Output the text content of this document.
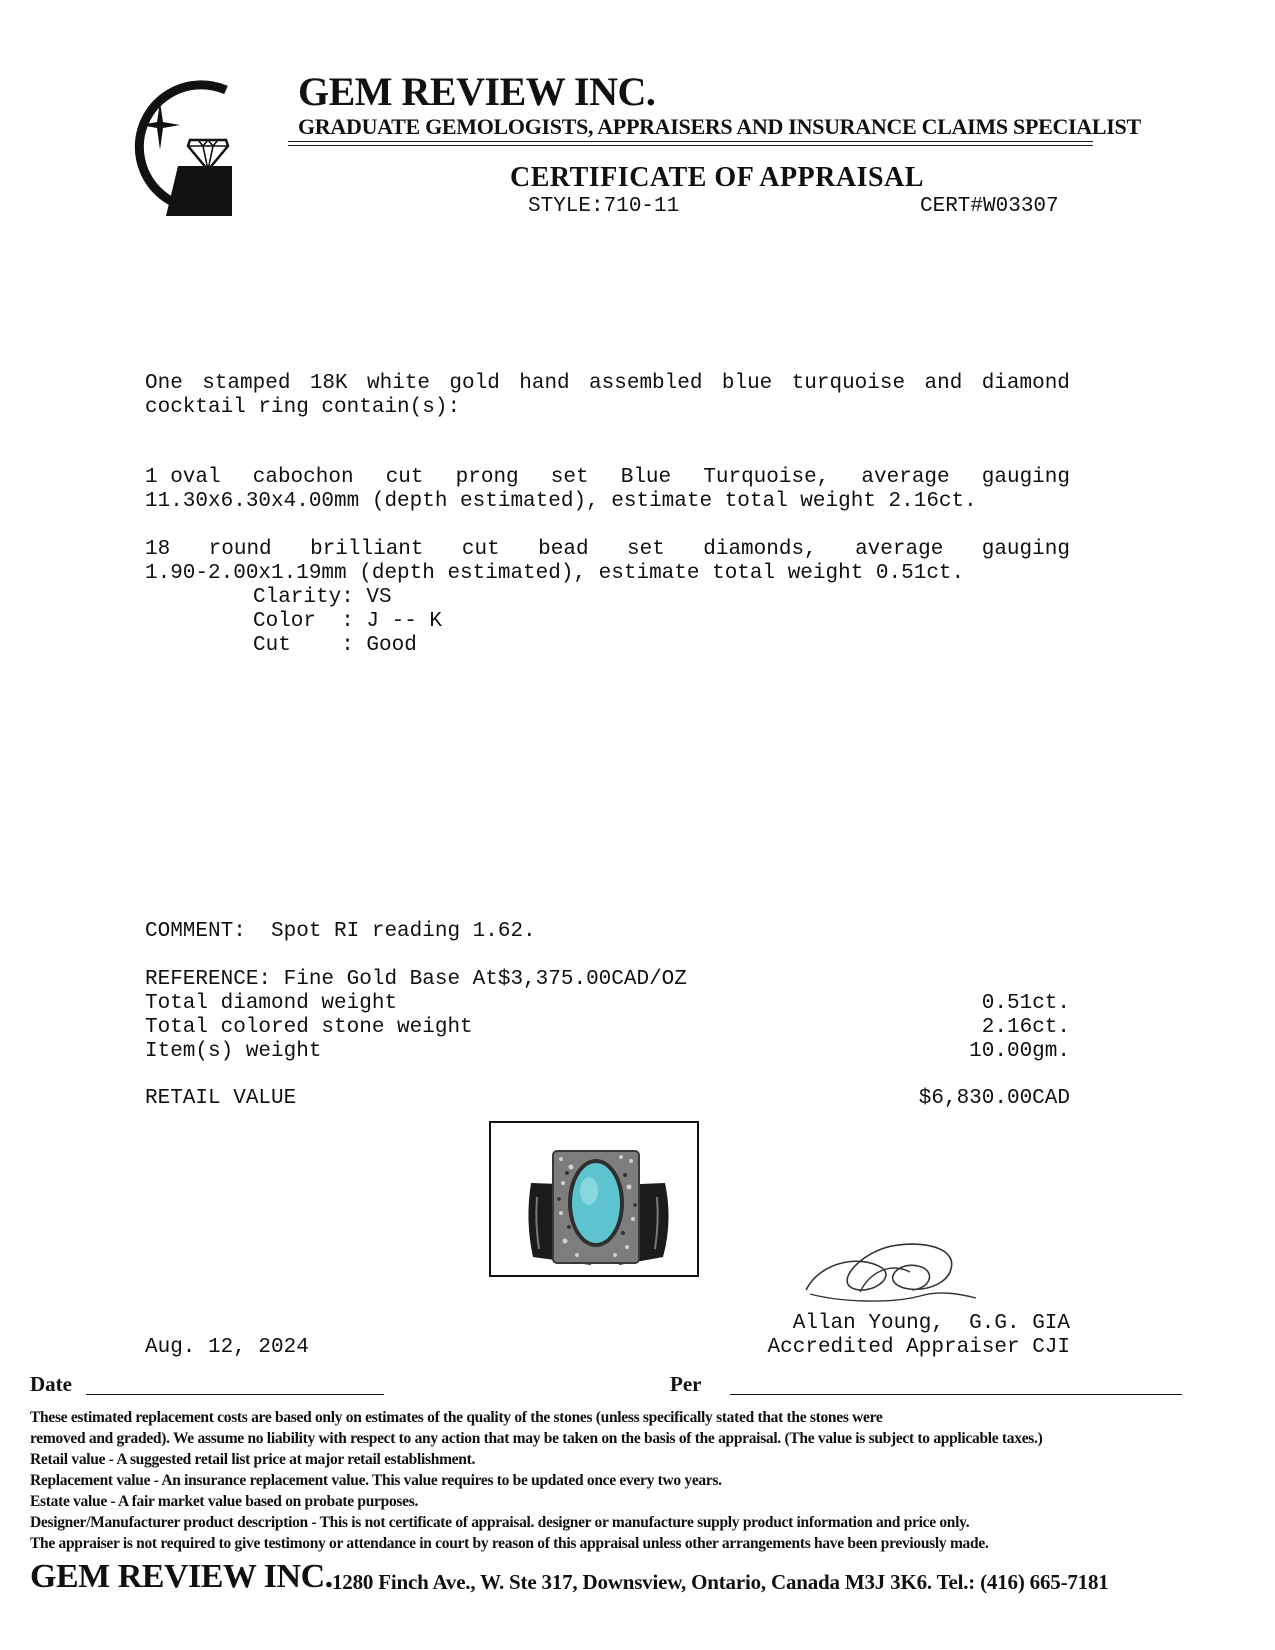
GEM REVIEW INC.
GRADUATE GEMOLOGISTS, APPRAISERS AND INSURANCE CLAIMS SPECIALIST
CERTIFICATE OF APPRAISAL
STYLE:710-11	CERT#W03307
One stamped 18K white gold hand assembled blue turquoise and diamond
cocktail ring contain(s):
1 oval cabochon cut prong set Blue Turquoise, average gauging
11.30x6.30x4.00mm (depth estimated), estimate total weight 2.16ct.
18 round brilliant cut bead set diamonds, average gauging
1.90-2.00x1.19mm (depth estimated), estimate total weight 0.51ct.
Clarity: VS
Color  : J -- K
Cut    : Good
COMMENT:  Spot RI reading 1.62.
REFERENCE: Fine Gold Base At$3,375.00CAD/OZ
Total diamond weight	0.51ct.
Total colored stone weight	2.16ct.
Item(s) weight	10.00gm.
RETAIL VALUE	$6,830.00CAD
Aug. 12, 2024
Allan Young,  G.G. GIA
Accredited Appraiser CJI
Date	Per
These estimated replacement costs are based only on estimates of the quality of the stones (unless specifically stated that the stones were
removed and graded). We assume no liability with respect to any action that may be taken on the basis of the appraisal. (The value is subject to applicable taxes.)
Retail value - A suggested retail list price at major retail establishment.
Replacement value - An insurance replacement value. This value requires to be updated once every two years.
Estate value - A fair market value based on probate purposes.
Designer/Manufacturer product description - This is not certificate of appraisal. designer or manufacture supply product information and price only.
The appraiser is not required to give testimony or attendance in court by reason of this appraisal unless other arrangements have been previously made.
GEM REVIEW INC. 1280 Finch Ave., W. Ste 317, Downsview, Ontario, Canada M3J 3K6. Tel.: (416) 665-7181
